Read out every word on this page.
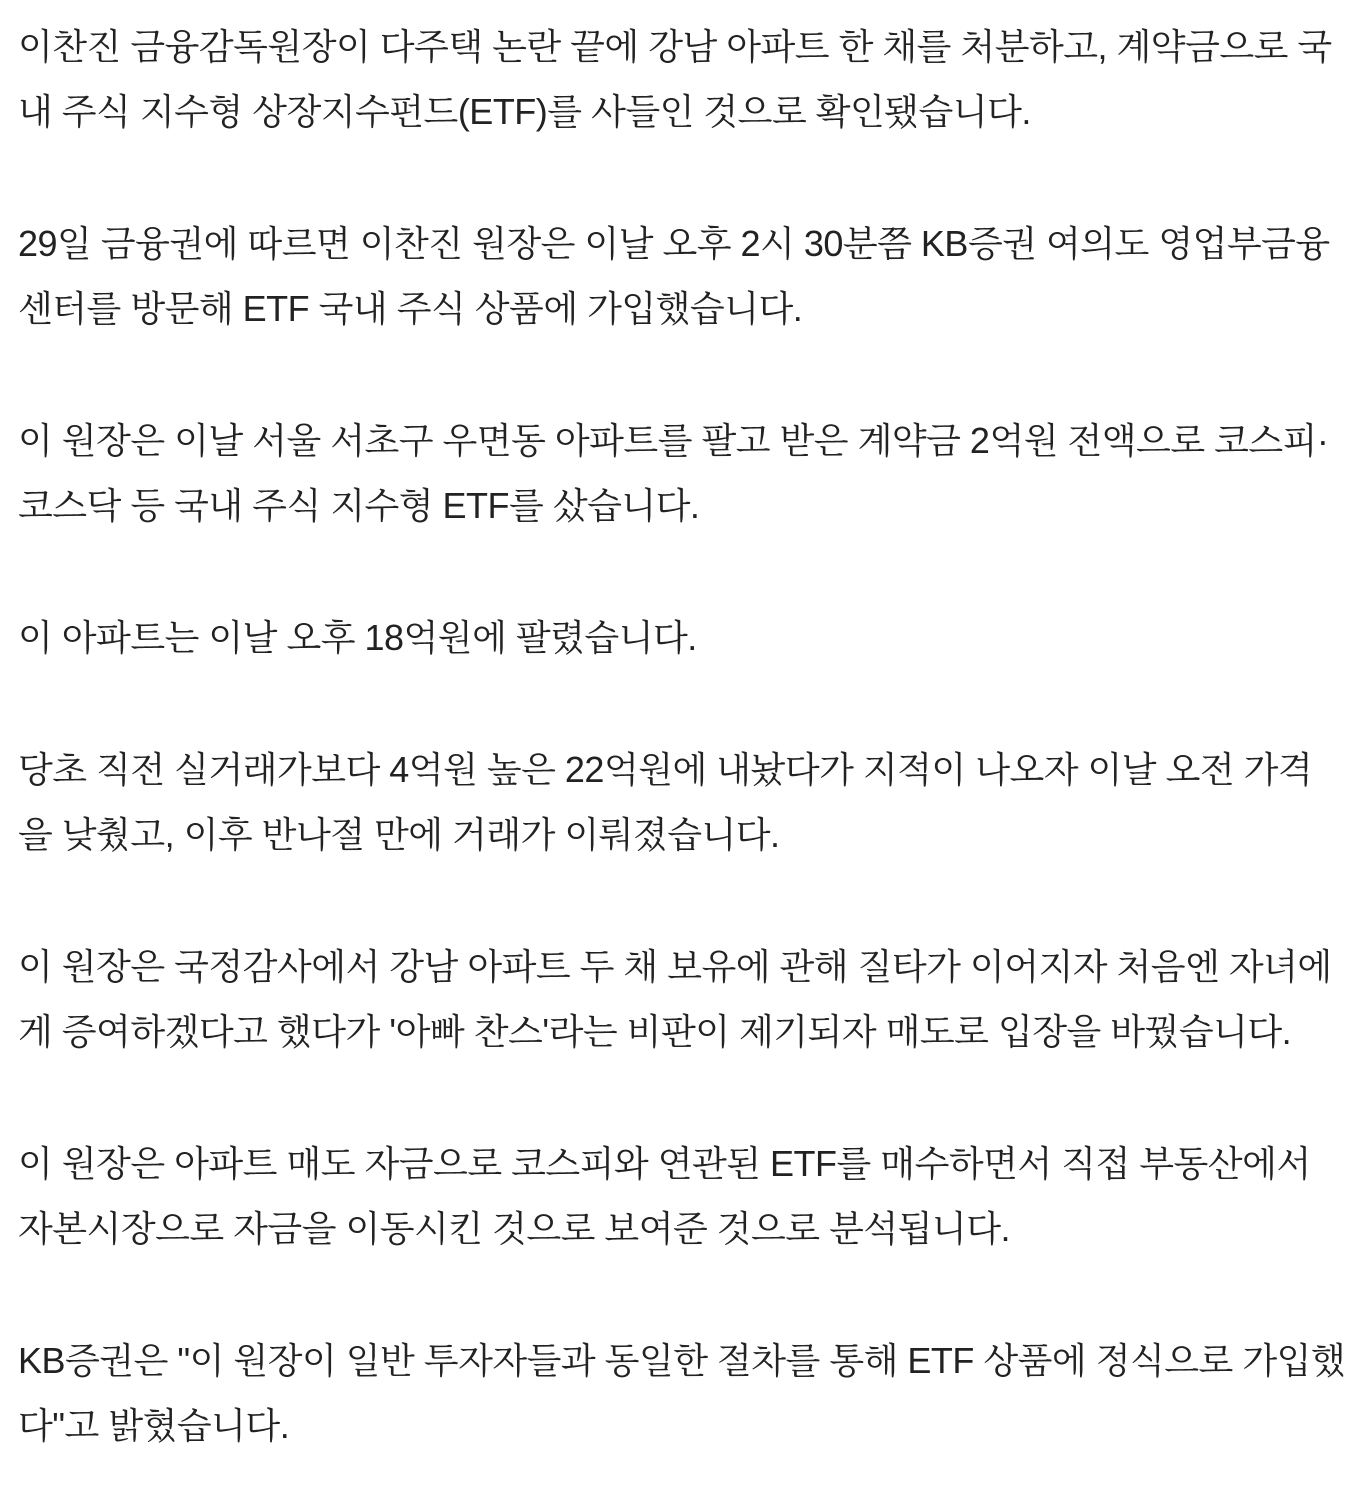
이찬진 금융감독원장이 다주택 논란 끝에 강남 아파트 한 채를 처분하고, 계약금으로 국내 주식 지수형 상장지수펀드(ETF)를 사들인 것으로 확인됐습니다.

29일 금융권에 따르면 이찬진 원장은 이날 오후 2시 30분쯤 KB증권 여의도 영업부금융센터를 방문해 ETF 국내 주식 상품에 가입했습니다.

이 원장은 이날 서울 서초구 우면동 아파트를 팔고 받은 계약금 2억원 전액으로 코스피·코스닥 등 국내 주식 지수형 ETF를 샀습니다.

이 아파트는 이날 오후 18억원에 팔렸습니다.

당초 직전 실거래가보다 4억원 높은 22억원에 내놨다가 지적이 나오자 이날 오전 가격을 낮췄고, 이후 반나절 만에 거래가 이뤄졌습니다.

이 원장은 국정감사에서 강남 아파트 두 채 보유에 관해 질타가 이어지자 처음엔 자녀에게 증여하겠다고 했다가 '아빠 찬스'라는 비판이 제기되자 매도로 입장을 바꿨습니다.

이 원장은 아파트 매도 자금으로 코스피와 연관된 ETF를 매수하면서 직접 부동산에서 자본시장으로 자금을 이동시킨 것으로 보여준 것으로 분석됩니다.

KB증권은 "이 원장이 일반 투자자들과 동일한 절차를 통해 ETF 상품에 정식으로 가입했다"고 밝혔습니다.
